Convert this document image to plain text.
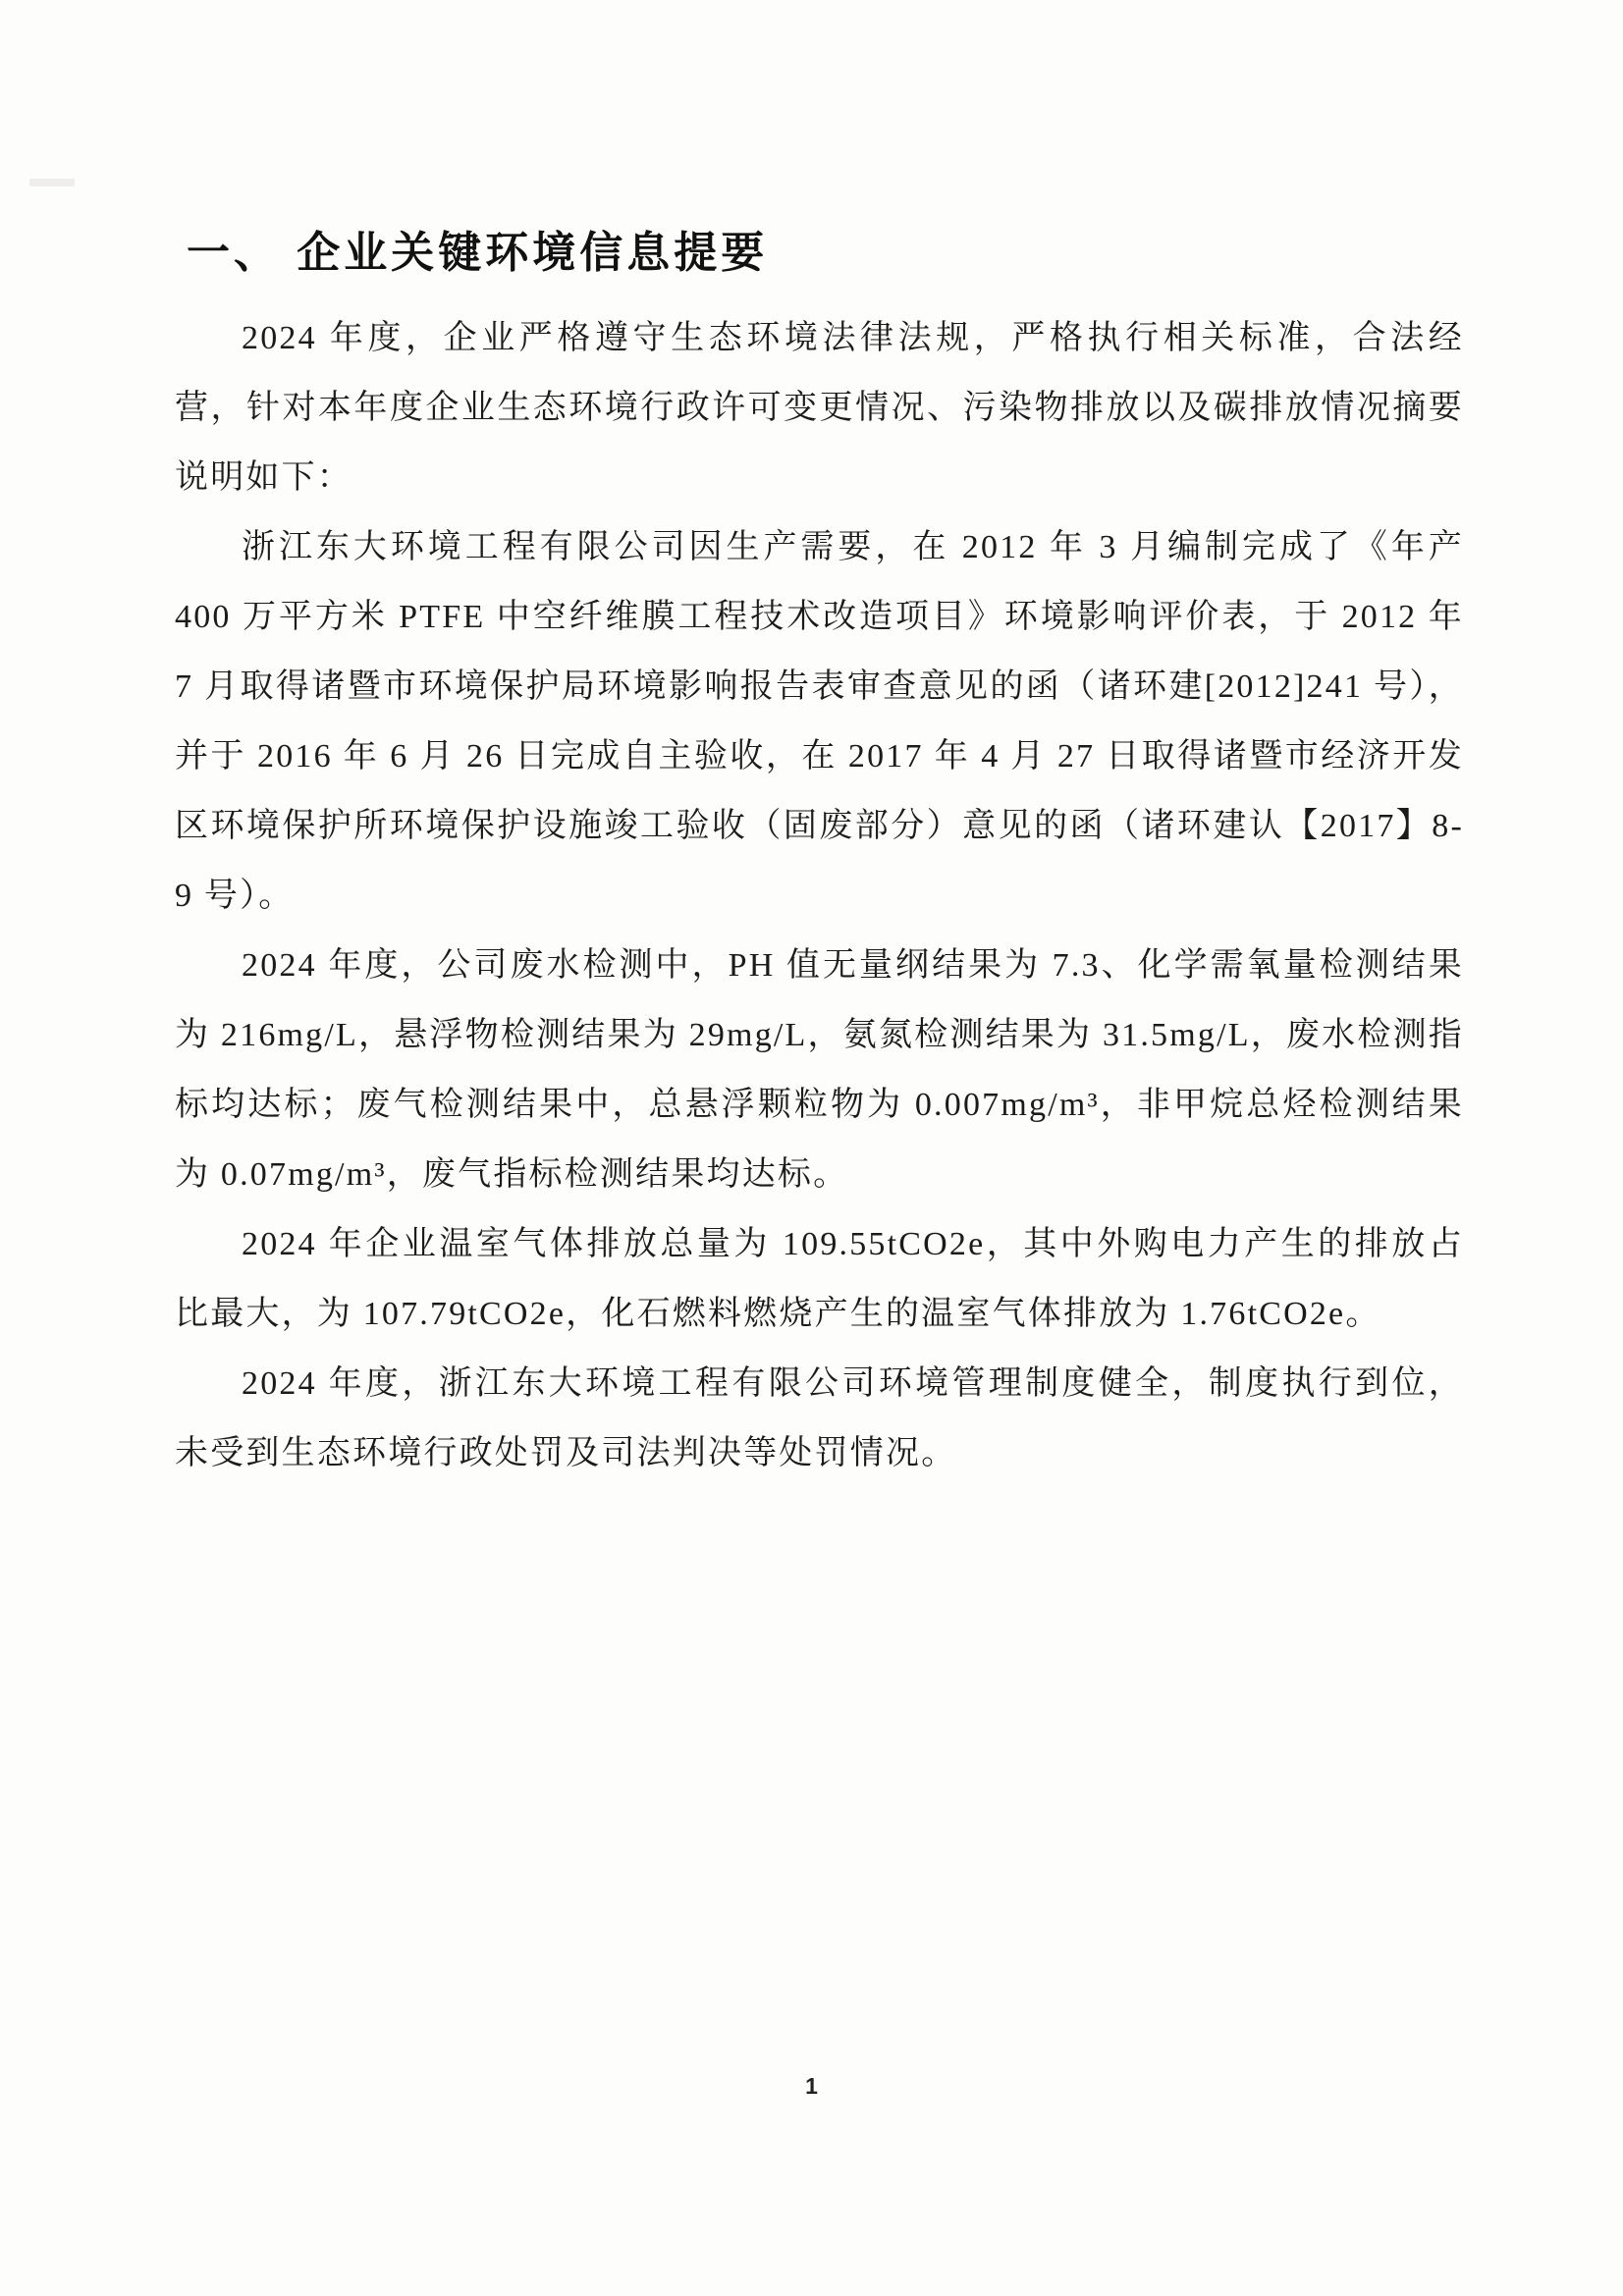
一、 企业关键环境信息提要

2024 年度，企业严格遵守生态环境法律法规，严格执行相关标准，合法经营，针对本年度企业生态环境行政许可变更情况、污染物排放以及碳排放情况摘要说明如下：

浙江东大环境工程有限公司因生产需要，在 2012 年 3 月编制完成了《年产 400 万平方米 PTFE 中空纤维膜工程技术改造项目》环境影响评价表，于 2012 年 7 月取得诸暨市环境保护局环境影响报告表审查意见的函（诸环建[2012]241 号），并于 2016 年 6 月 26 日完成自主验收，在 2017 年 4 月 27 日取得诸暨市经济开发区环境保护所环境保护设施竣工验收（固废部分）意见的函（诸环建认【2017】8-9 号）。

2024 年度，公司废水检测中，PH 值无量纲结果为 7.3、化学需氧量检测结果为 216mg/L，悬浮物检测结果为 29mg/L，氨氮检测结果为 31.5mg/L，废水检测指标均达标；废气检测结果中，总悬浮颗粒物为 0.007mg/m³，非甲烷总烃检测结果为 0.07mg/m³，废气指标检测结果均达标。

2024 年企业温室气体排放总量为 109.55tCO2e，其中外购电力产生的排放占比最大，为 107.79tCO2e，化石燃料燃烧产生的温室气体排放为 1.76tCO2e。

2024 年度，浙江东大环境工程有限公司环境管理制度健全，制度执行到位，未受到生态环境行政处罚及司法判决等处罚情况。

1
